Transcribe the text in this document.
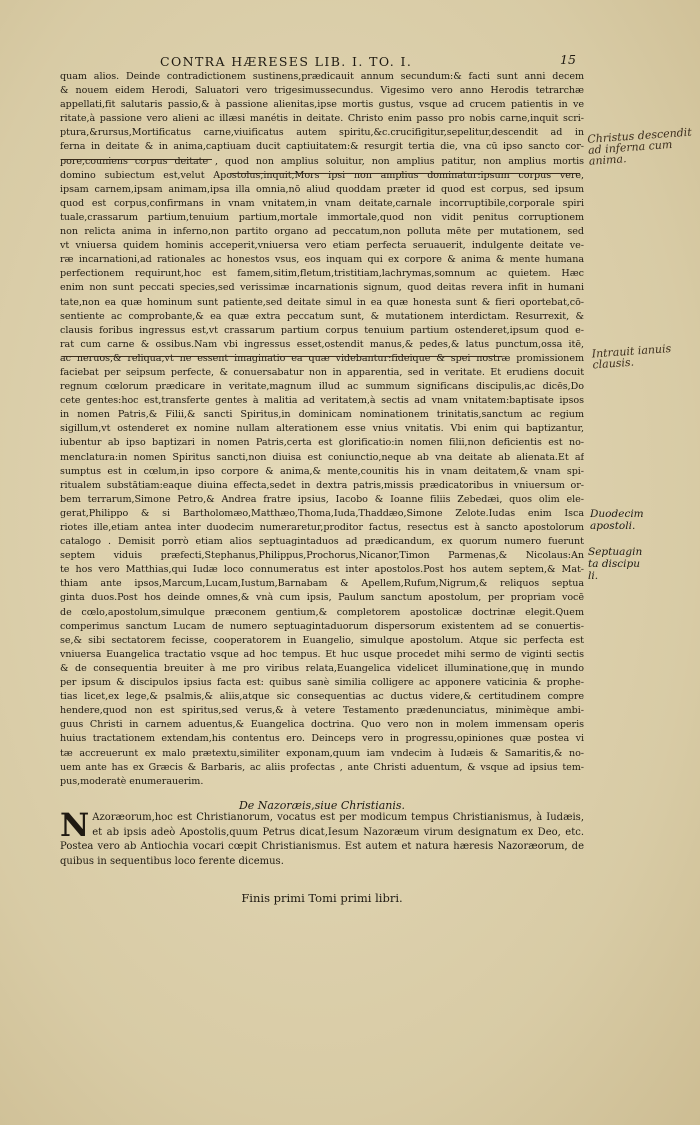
CONTRA HÆRESES LIB. I. TO. I.	15
quam alios. Deinde contradictionem sustinens,prædicauit annum secundum:& facti sunt anni decem
& nouem eidem Herodi, Saluatori vero trigesimussecundus. Vigesimo vero anno Herodis tetrarchæ
appellati,fit salutaris passio,& à passione alienitas,ipse mortis gustus, vsque ad crucem patientis in ve
ritate,à passione vero alieni ac illæsi manétis in deitate. Christo enim passo pro nobis carne,inquit scri-
ptura,&rursus,Mortificatus carne,viuificatus autem spiritu,&c.crucifigitur,sepelitur,descendit ad in
ferna in deitate & in anima,captiuam ducit captiuitatem:& resurgit tertia die, vna cū ipso sancto cor-
pore,couniens corpus deitate , quod non amplius soluitur, non amplius patitur, non amplius mortis
domino subiectum est,velut Apostolus,inquit,Mors ipsi non amplius dominatur:ipsum corpus vere,
ipsam carnem,ipsam animam,ipsa illa omnia,nō aliud quoddam præter id quod est corpus, sed ipsum
quod est corpus,confirmans in vnam vnitatem,in vnam deitate,carnale incorruptibile,corporale spiri
tuale,crassarum partium,tenuium partium,mortale immortale,quod non vidit penitus corruptionem
non relicta anima in inferno,non partito organo ad peccatum,non polluta mēte per mutationem, sed
vt vniuersa quidem hominis acceperit,vniuersa vero etiam perfecta seruauerit, indulgente deitate ve-
ræ incarnationi,ad rationales ac honestos vsus, eos inquam qui ex corpore & anima & mente humana
perfectionem requirunt,hoc est famem,sitim,fletum,tristitiam,lachrymas,somnum ac quietem. Hæc
enim non sunt peccati species,sed verissimæ incarnationis signum, quod deitas revera infit in humani
tate,non ea quæ hominum sunt patiente,sed deitate simul in ea quæ honesta sunt & fieri oportebat,cō-
sentiente ac comprobante,& ea quæ extra peccatum sunt, & mutationem interdictam. Resurrexit, &
clausis foribus ingressus est,vt crassarum partium corpus tenuium partium ostenderet,ipsum quod e-
rat cum carne & ossibus.Nam vbi ingressus esset,ostendit manus,& pedes,& latus punctum,ossa itē,
ac neruos,& reliqua,vt ne essent imaginatio ea quæ videbantur:fideique & spei nostræ promissionem
faciebat per seipsum perfecte, & conuersabatur non in apparentia, sed in veritate. Et erudiens docuit
regnum cœlorum prædicare in veritate,magnum illud ac summum significans discipulis,ac dicēs,Do
cete gentes:hoc est,transferte gentes à malitia ad veritatem,à sectis ad vnam vnitatem:baptisate ipsos
in nomen Patris,& Filii,& sancti Spiritus,in dominicam nominationem trinitatis,sanctum ac regium
sigillum,vt ostenderet ex nomine nullam alterationem esse vnius vnitatis. Vbi enim qui baptizantur,
iubentur ab ipso baptizari in nomen Patris,certa est glorificatio:in nomen filii,non deficientis est no-
menclatura:in nomen Spiritus sancti,non diuisa est coniunctio,neque ab vna deitate ab alienata.Et af
sumptus est in cœlum,in ipso corpore & anima,& mente,counitis his in vnam deitatem,& vnam spi-
ritualem substātiam:eaque diuina effecta,sedet in dextra patris,missis prædicatoribus in vniuersum or-
bem terrarum,Simone Petro,& Andrea fratre ipsius, Iacobo & Ioanne filiis Zebedæi, quos olim ele-
gerat,Philippo & si Bartholomæo,Matthæo,Thoma,Iuda,Thaddæo,Simone Zelote.Iudas enim Isca
riotes ille,etiam antea inter duodecim numeraretur,proditor factus, resectus est à sancto apostolorum
catalogo . Demisit porrò etiam alios septuagintaduos ad prædicandum, ex quorum numero fuerunt
septem viduis præfecti,Stephanus,Philippus,Prochorus,Nicanor,Timon Parmenas,& Nicolaus:An
te hos vero Matthias,qui Iudæ loco connumeratus est inter apostolos.Post hos autem septem,& Mat-
thiam ante ipsos,Marcum,Lucam,Iustum,Barnabam & Apellem,Rufum,Nigrum,& reliquos septua
ginta duos.Post hos deinde omnes,& vnà cum ipsis, Paulum sanctum apostolum, per propriam vocē
de cœlo,apostolum,simulque præconem gentium,& completorem apostolicæ doctrinæ elegit.Quem
comperimus sanctum Lucam de numero septuagintaduorum dispersorum existentem ad se conuertis-
se,& sibi sectatorem fecisse, cooperatorem in Euangelio, simulque apostolum. Atque sic perfecta est
vniuersa Euangelica tractatio vsque ad hoc tempus. Et huc usque procedet mihi sermo de viginti sectis
& de consequentia breuiter à me pro viribus relata,Euangelica videlicet illuminatione,quę in mundo
per ipsum & discipulos ipsius facta est: quibus sanè similia colligere ac apponere vaticinia & prophe-
tias licet,ex lege,& psalmis,& aliis,atque sic consequentias ac ductus videre,& certitudinem compre
hendere,quod non est spiritus,sed verus,& à vetere Testamento prædenunciatus, minimèque ambi-
guus Christi in carnem aduentus,& Euangelica doctrina. Quo vero non in molem immensam operis
huius tractationem extendam,his contentus ero. Deinceps vero in progressu,opiniones quæ postea vi
tæ accreuerunt ex malo prætextu,similiter exponam,quum iam vndecim à Iudæis & Samaritis,& no-
uem ante has ex Græcis & Barbaris, ac aliis profectas , ante Christi aduentum, & vsque ad ipsius tem-
pus,moderatè enumerauerim.
Duodecim apostoli.
Septuagin ta discipu li.
Christus descendit ad inferna cum anima.
Intrauit ianuis clausis.
De Nazoræis,siue Christianis.
N Azoræorum,hoc est Christianorum, vocatus est per modicum tempus Christianismus, à Iudæis,
et ab ipsis adeò Apostolis,quum Petrus dicat,Iesum Nazoræum virum designatum ex Deo, etc.
Postea vero ab Antiochia vocari cœpit Christianismus. Est autem et natura hæresis Nazoræorum, de
quibus in sequentibus loco ferente dicemus.
Finis primi Tomi primi libri.
